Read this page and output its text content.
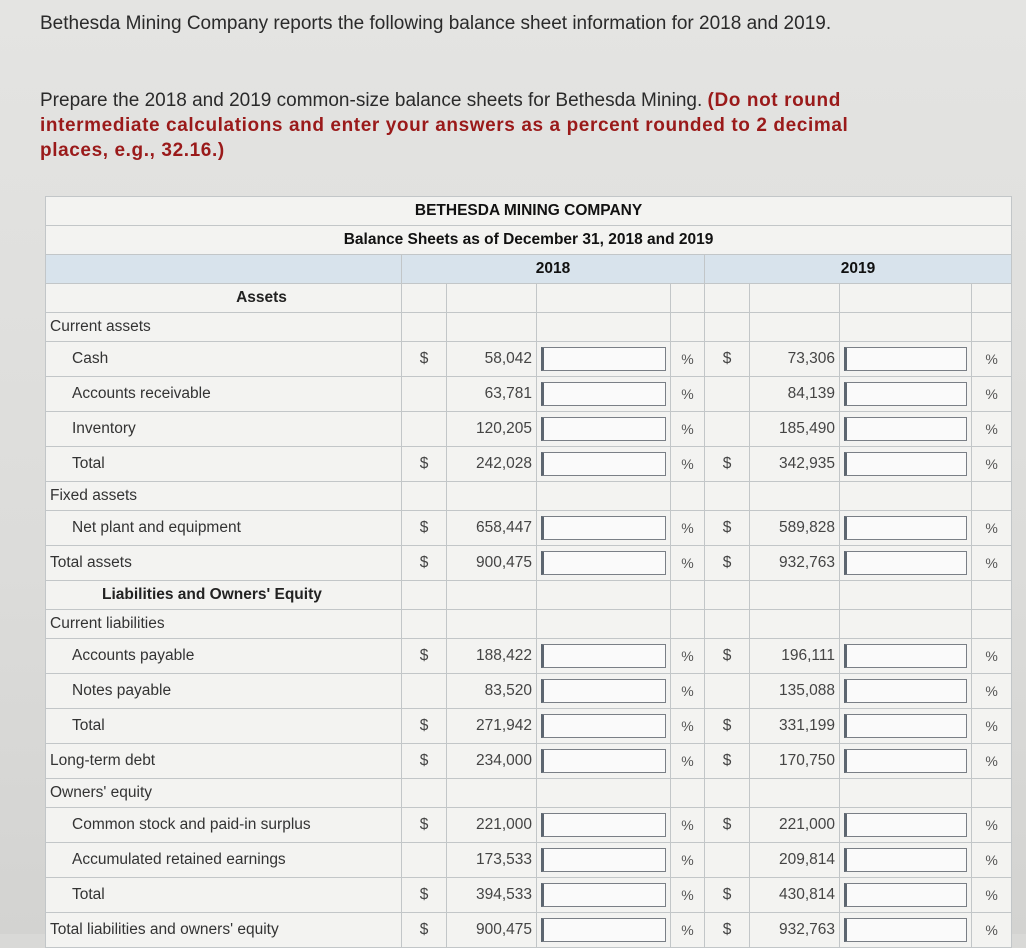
Bethesda Mining Company reports the following balance sheet information for 2018 and 2019.
Prepare the 2018 and 2019 common-size balance sheets for Bethesda Mining. (Do not round intermediate calculations and enter your answers as a percent rounded to 2 decimal places, e.g., 32.16.)
BETHESDA MINING COMPANY								
Balance Sheets as of December 31, 2018 and 2019								
	2018				2019			
Assets								
Current assets								
Cash	$	58,042		%	$	73,306		%
Accounts receivable		63,781		%		84,139		%
Inventory		120,205		%		185,490		%
Total	$	242,028		%	$	342,935		%
Fixed assets								
Net plant and equipment	$	658,447		%	$	589,828		%
Total assets	$	900,475		%	$	932,763		%
Liabilities and Owners' Equity								
Current liabilities								
Accounts payable	$	188,422		%	$	196,111		%
Notes payable		83,520		%		135,088		%
Total	$	271,942		%	$	331,199		%
Long-term debt	$	234,000		%	$	170,750		%
Owners' equity								
Common stock and paid-in surplus	$	221,000		%	$	221,000		%
Accumulated retained earnings		173,533		%		209,814		%
Total	$	394,533		%	$	430,814		%
Total liabilities and owners' equity	$	900,475		%	$	932,763		%
